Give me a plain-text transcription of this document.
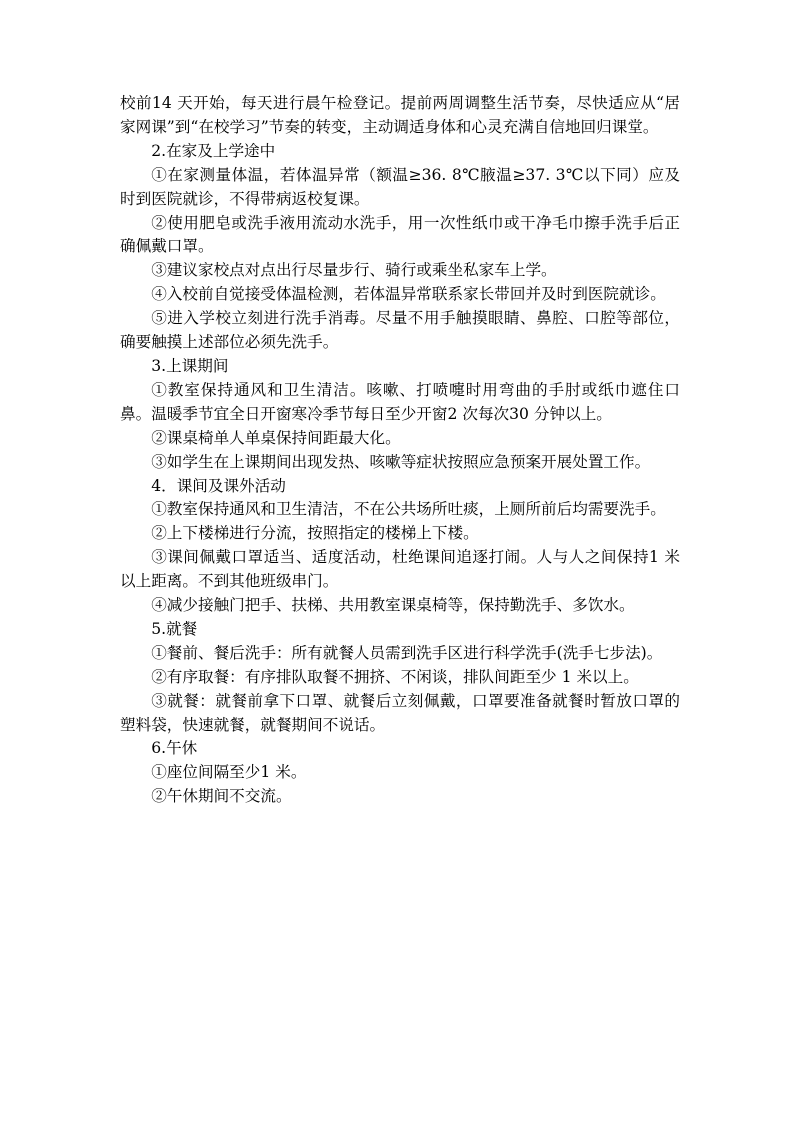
校前14 天开始，每天进行晨午检登记。提前两周调整生活节奏，尽快适应从“居家网课”到“在校学习”节奏的转变，主动调适身体和心灵充满自信地回归课堂。

2.在家及上学途中

①在家测量体温，若体温异常（额温≥36. 8℃腋温≥37. 3℃以下同）应及时到医院就诊，不得带病返校复课。

②使用肥皂或洗手液用流动水洗手，用一次性纸巾或干净毛巾擦手洗手后正确佩戴口罩。

③建议家校点对点出行尽量步行、骑行或乘坐私家车上学。

④入校前自觉接受体温检测，若体温异常联系家长带回并及时到医院就诊。

⑤进入学校立刻进行洗手消毒。尽量不用手触摸眼睛、鼻腔、口腔等部位，确要触摸上述部位必须先洗手。

3.上课期间

①教室保持通风和卫生清洁。咳嗽、打喷嚏时用弯曲的手肘或纸巾遮住口鼻。温暖季节宜全日开窗寒冷季节每日至少开窗2 次每次30 分钟以上。

②课桌椅单人单桌保持间距最大化。

③如学生在上课期间出现发热、咳嗽等症状按照应急预案开展处置工作。

4．课间及课外活动

①教室保持通风和卫生清洁，不在公共场所吐痰，上厕所前后均需要洗手。

②上下楼梯进行分流，按照指定的楼梯上下楼。

③课间佩戴口罩适当、适度活动，杜绝课间追逐打闹。人与人之间保持1 米以上距离。不到其他班级串门。

④减少接触门把手、扶梯、共用教室课桌椅等，保持勤洗手、多饮水。

5.就餐

①餐前、餐后洗手：所有就餐人员需到洗手区进行科学洗手(洗手七步法)。

②有序取餐：有序排队取餐不拥挤、不闲谈，排队间距至少 1 米以上。

③就餐：就餐前拿下口罩、就餐后立刻佩戴，口罩要准备就餐时暂放口罩的塑料袋，快速就餐，就餐期间不说话。

6.午休

①座位间隔至少1 米。

②午休期间不交流。
